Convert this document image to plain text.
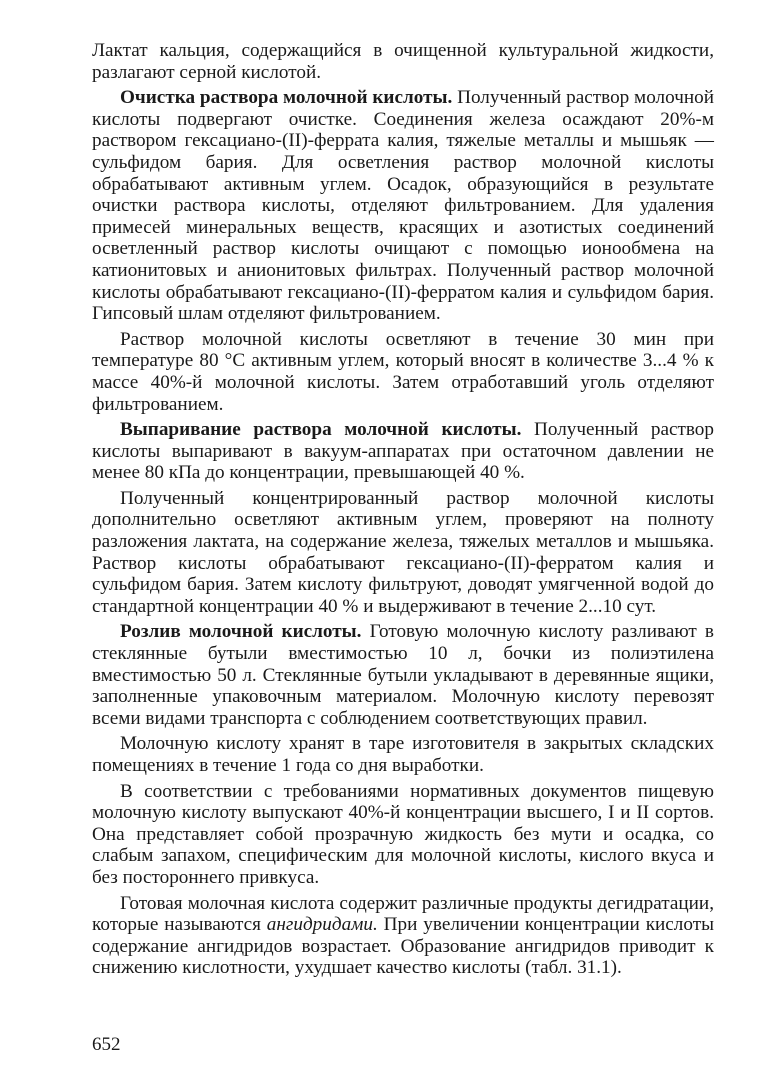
Лактат кальция, содержащийся в очищенной культуральной жидкости, разлагают серной кислотой.

Очистка раствора молочной кислоты. Полученный раствор молочной кислоты подвергают очистке. Соединения железа осаждают 20%-м раствором гексациано-(II)-феррата калия, тяжелые металлы и мышьяк — сульфидом бария. Для осветления раствор молочной кислоты обрабатывают активным углем. Осадок, образующийся в результате очистки раствора кислоты, отделяют фильтрованием. Для удаления примесей минеральных веществ, красящих и азотистых соединений осветленный раствор кислоты очищают с помощью ионообмена на катионитовых и анионитовых фильтрах. Полученный раствор молочной кислоты обрабатывают гексациано-(II)-ферратом калия и сульфидом бария. Гипсовый шлам отделяют фильтрованием.

Раствор молочной кислоты осветляют в течение 30 мин при температуре 80 °С активным углем, который вносят в количестве 3...4 % к массе 40%-й молочной кислоты. Затем отработавший уголь отделяют фильтрованием.

Выпаривание раствора молочной кислоты. Полученный раствор кислоты выпаривают в вакуум-аппаратах при остаточном давлении не менее 80 кПа до концентрации, превышающей 40 %.

Полученный концентрированный раствор молочной кислоты дополнительно осветляют активным углем, проверяют на полноту разложения лактата, на содержание железа, тяжелых металлов и мышьяка. Раствор кислоты обрабатывают гексациано-(II)-ферратом калия и сульфидом бария. Затем кислоту фильтруют, доводят умягченной водой до стандартной концентрации 40 % и выдерживают в течение 2...10 сут.

Розлив молочной кислоты. Готовую молочную кислоту разливают в стеклянные бутыли вместимостью 10 л, бочки из полиэтилена вместимостью 50 л. Стеклянные бутыли укладывают в деревянные ящики, заполненные упаковочным материалом. Молочную кислоту перевозят всеми видами транспорта с соблюдением соответствующих правил.

Молочную кислоту хранят в таре изготовителя в закрытых складских помещениях в течение 1 года со дня выработки.

В соответствии с требованиями нормативных документов пищевую молочную кислоту выпускают 40%-й концентрации высшего, I и II сортов. Она представляет собой прозрачную жидкость без мути и осадка, со слабым запахом, специфическим для молочной кислоты, кислого вкуса и без постороннего привкуса.

Готовая молочная кислота содержит различные продукты дегидратации, которые называются ангидридами. При увеличении концентрации кислоты содержание ангидридов возрастает. Образование ангидридов приводит к снижению кислотности, ухудшает качество кислоты (табл. 31.1).

652
